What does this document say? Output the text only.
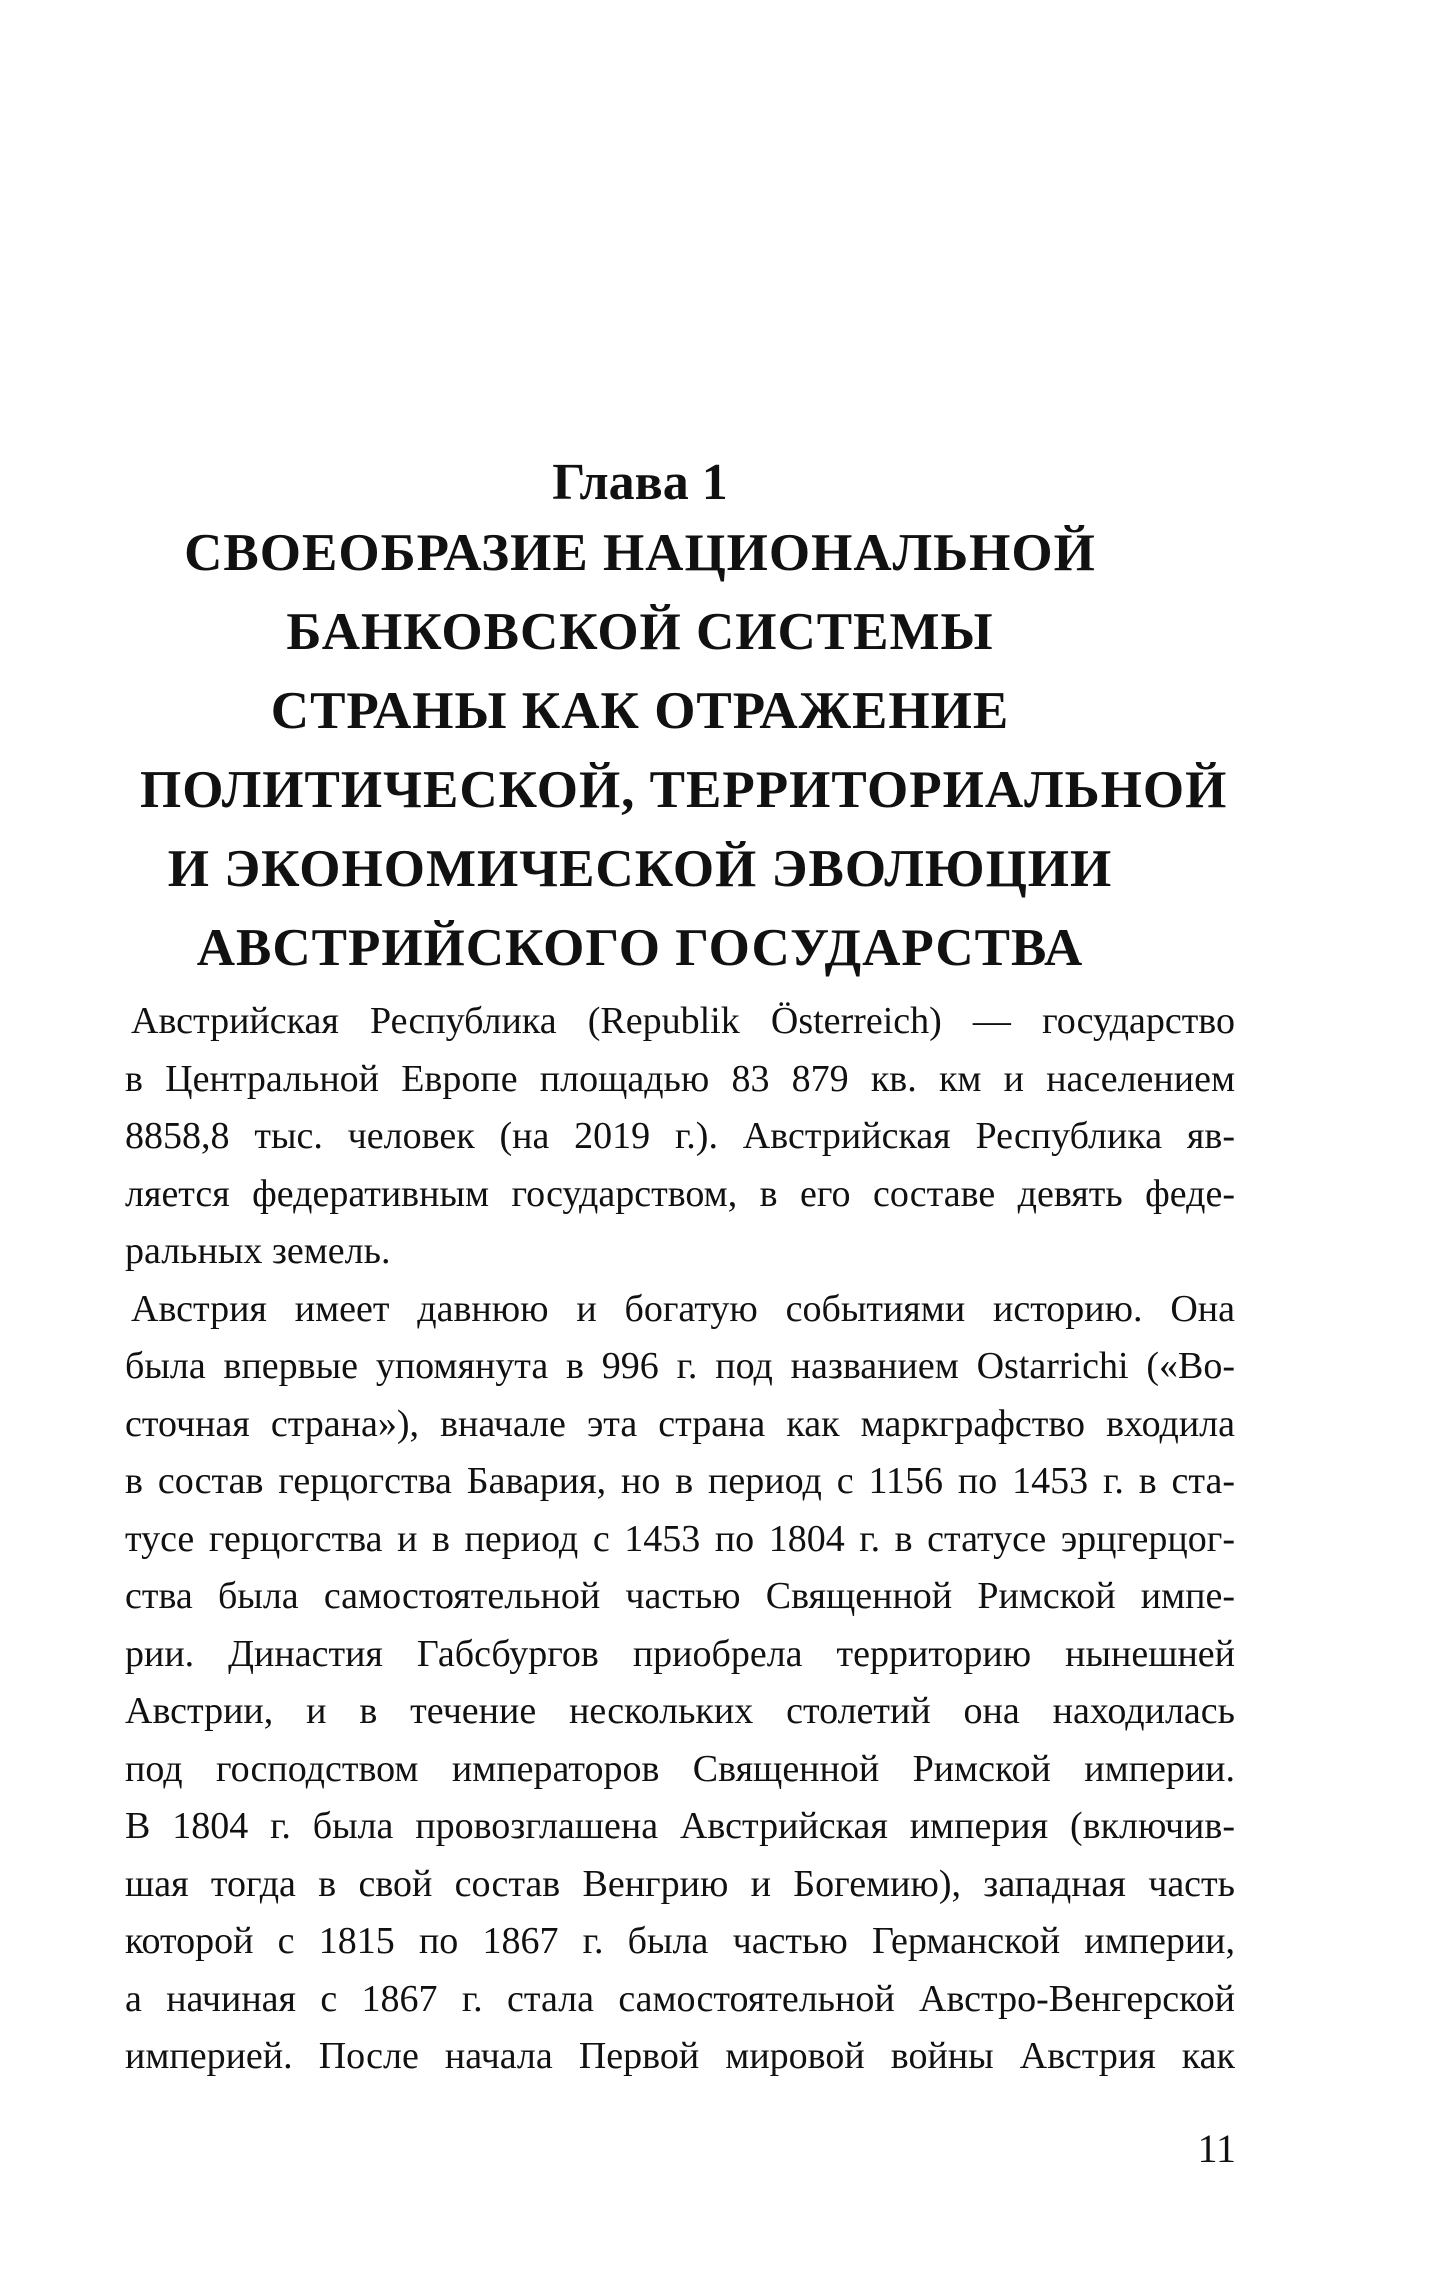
Глава 1
СВОЕОБРАЗИЕ НАЦИОНАЛЬНОЙ
БАНКОВСКОЙ СИСТЕМЫ
СТРАНЫ КАК ОТРАЖЕНИЕ
ПОЛИТИЧЕСКОЙ, ТЕРРИТОРИАЛЬНОЙ
И ЭКОНОМИЧЕСКОЙ ЭВОЛЮЦИИ
АВСТРИЙСКОГО ГОСУДАРСТВА

Австрийская Республика (Republik Österreich) — государство
в Центральной Европе площадью 83 879 кв. км и населением
8858,8 тыс. человек (на 2019 г.). Австрийская Республика яв-
ляется федеративным государством, в его составе девять феде-
ральных земель.

Австрия имеет давнюю и богатую событиями историю. Она
была впервые упомянута в 996 г. под названием Ostarrichi («Во-
сточная страна»), вначале эта страна как маркграфство входила
в состав герцогства Бавария, но в период с 1156 по 1453 г. в ста-
тусе герцогства и в период с 1453 по 1804 г. в статусе эрцгерцог-
ства была самостоятельной частью Священной Римской импе-
рии. Династия Габсбургов приобрела территорию нынешней
Австрии, и в течение нескольких столетий она находилась
под господством императоров Священной Римской империи.
В 1804 г. была провозглашена Австрийская империя (включив-
шая тогда в свой состав Венгрию и Богемию), западная часть
которой с 1815 по 1867 г. была частью Германской империи,
а начиная с 1867 г. стала самостоятельной Австро-Венгерской
империей. После начала Первой мировой войны Австрия как

11
